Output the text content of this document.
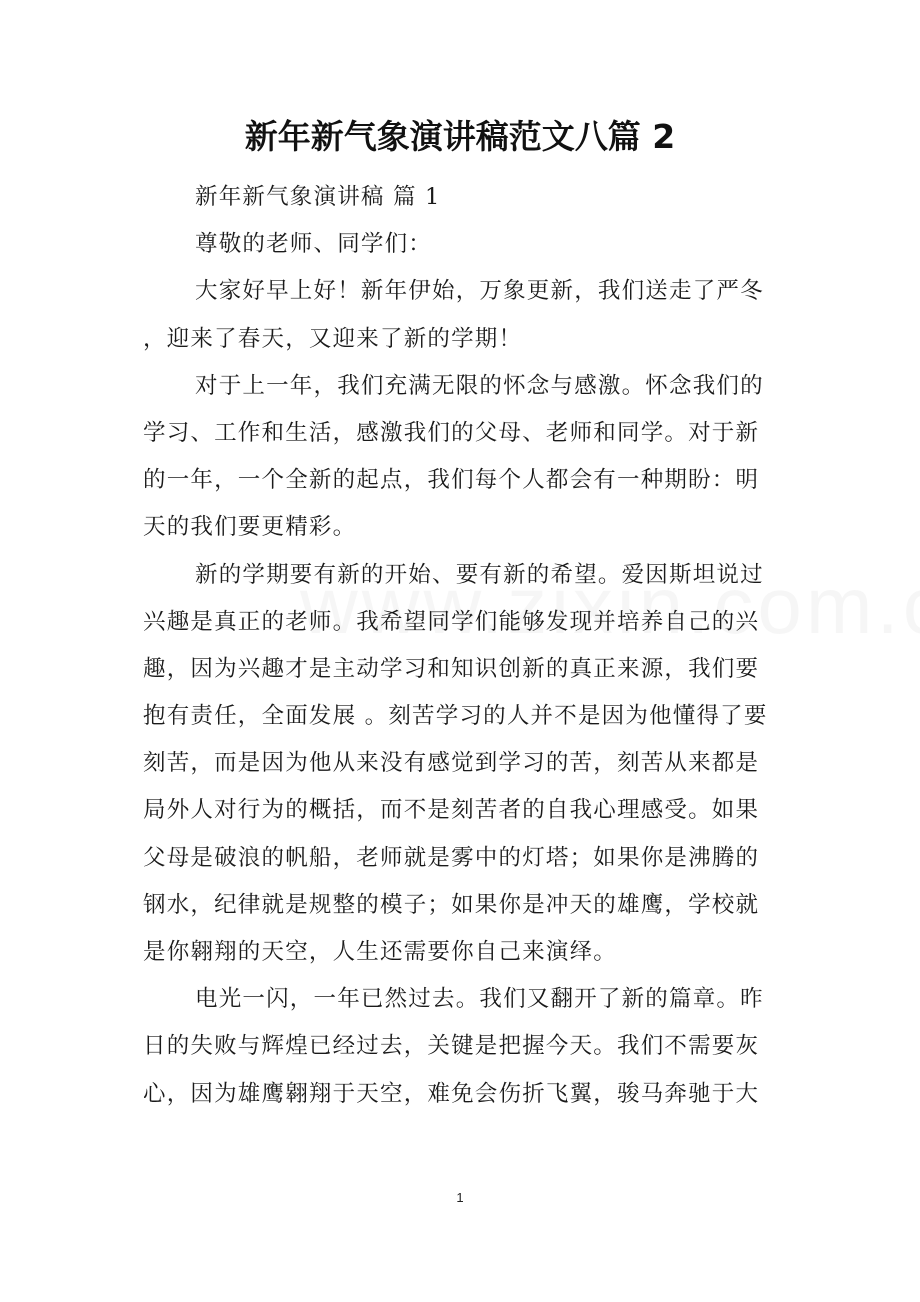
新年新气象演讲稿范文八篇 2
新年新气象演讲稿 篇 1
尊敬的老师、同学们：
大家好早上好！新年伊始，万象更新，我们送走了严冬
，迎来了春天，又迎来了新的学期！
对于上一年，我们充满无限的怀念与感激。怀念我们的
学习、工作和生活，感激我们的父母、老师和同学。对于新
的一年，一个全新的起点，我们每个人都会有一种期盼：明
天的我们要更精彩。
新的学期要有新的开始、要有新的希望。爱因斯坦说过
兴趣是真正的老师。我希望同学们能够发现并培养自己的兴
趣，因为兴趣才是主动学习和知识创新的真正来源，我们要
抱有责任，全面发展 。刻苦学习的人并不是因为他懂得了要
刻苦，而是因为他从来没有感觉到学习的苦，刻苦从来都是
局外人对行为的概括，而不是刻苦者的自我心理感受。如果
父母是破浪的帆船，老师就是雾中的灯塔；如果你是沸腾的
钢水，纪律就是规整的模子；如果你是冲天的雄鹰，学校就
是你翱翔的天空，人生还需要你自己来演绎。
电光一闪，一年已然过去。我们又翻开了新的篇章。昨
日的失败与辉煌已经过去，关键是把握今天。我们不需要灰
心，因为雄鹰翱翔于天空，难免会伤折飞翼，骏马奔驰于大
1
